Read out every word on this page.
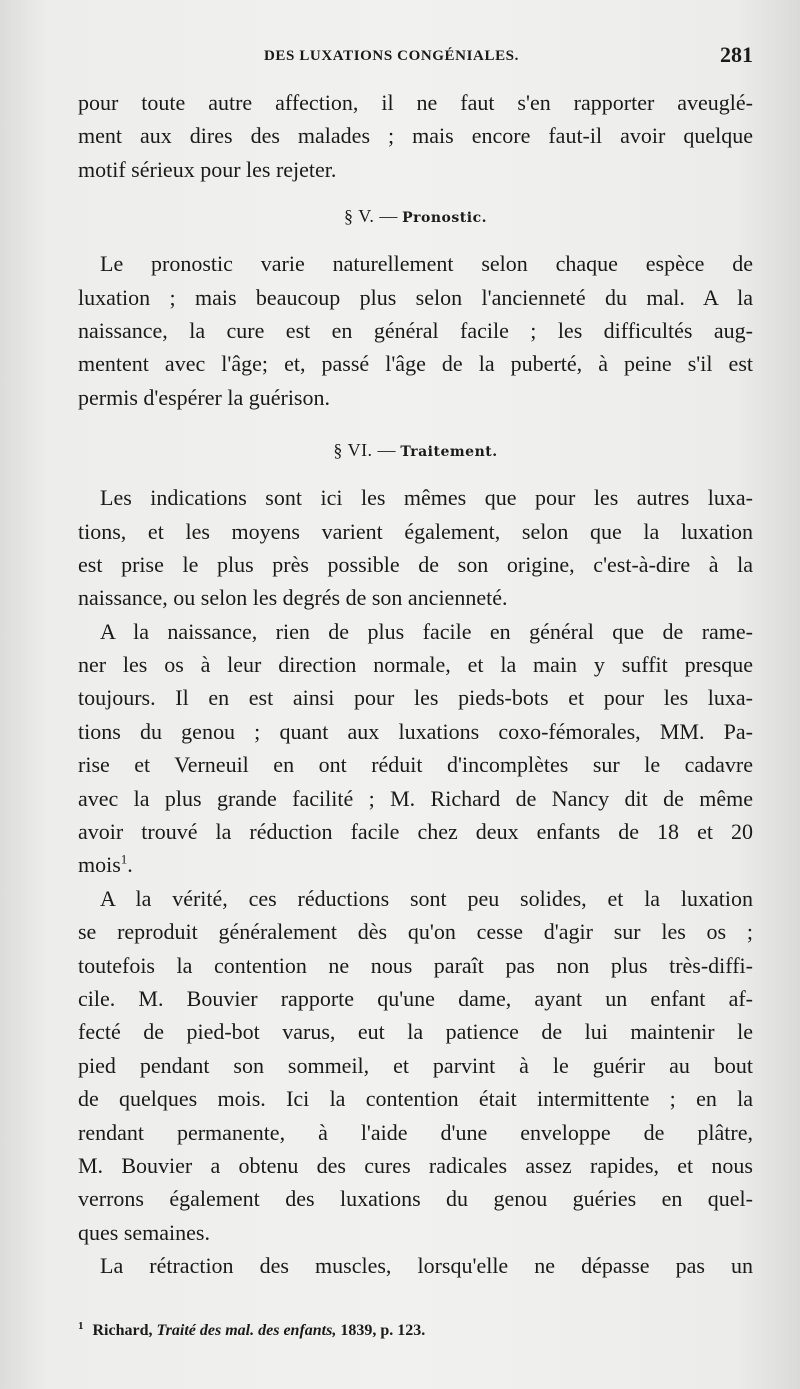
DES LUXATIONS CONGÉNIALES.	281
pour toute autre affection, il ne faut s'en rapporter aveuglé-
ment aux dires des malades ; mais encore faut-il avoir quelque
motif sérieux pour les rejeter.
§ V. — Pronostic.
Le pronostic varie naturellement selon chaque espèce de
luxation ; mais beaucoup plus selon l'ancienneté du mal. A la
naissance, la cure est en général facile ; les difficultés aug-
mentent avec l'âge; et, passé l'âge de la puberté, à peine s'il est
permis d'espérer la guérison.
§ VI. — Traitement.
Les indications sont ici les mêmes que pour les autres luxa-
tions, et les moyens varient également, selon que la luxation
est prise le plus près possible de son origine, c'est-à-dire à la
naissance, ou selon les degrés de son ancienneté.
A la naissance, rien de plus facile en général que de rame-
ner les os à leur direction normale, et la main y suffit presque
toujours. Il en est ainsi pour les pieds-bots et pour les luxa-
tions du genou ; quant aux luxations coxo-fémorales, MM. Pa-
rise et Verneuil en ont réduit d'incomplètes sur le cadavre
avec la plus grande facilité ; M. Richard de Nancy dit de même
avoir trouvé la réduction facile chez deux enfants de 18 et 20
mois$^1$.
A la vérité, ces réductions sont peu solides, et la luxation
se reproduit généralement dès qu'on cesse d'agir sur les os ;
toutefois la contention ne nous paraît pas non plus très-diffi-
cile. M. Bouvier rapporte qu'une dame, ayant un enfant af-
fecté de pied-bot varus, eut la patience de lui maintenir le
pied pendant son sommeil, et parvint à le guérir au bout
de quelques mois. Ici la contention était intermittente ; en la
rendant permanente, à l'aide d'une enveloppe de plâtre,
M. Bouvier a obtenu des cures radicales assez rapides, et nous
verrons également des luxations du genou guéries en quel-
ques semaines.
La rétraction des muscles, lorsqu'elle ne dépasse pas un
$^1$ Richard, Traité des mal. des enfants, 1839, p. 123.
